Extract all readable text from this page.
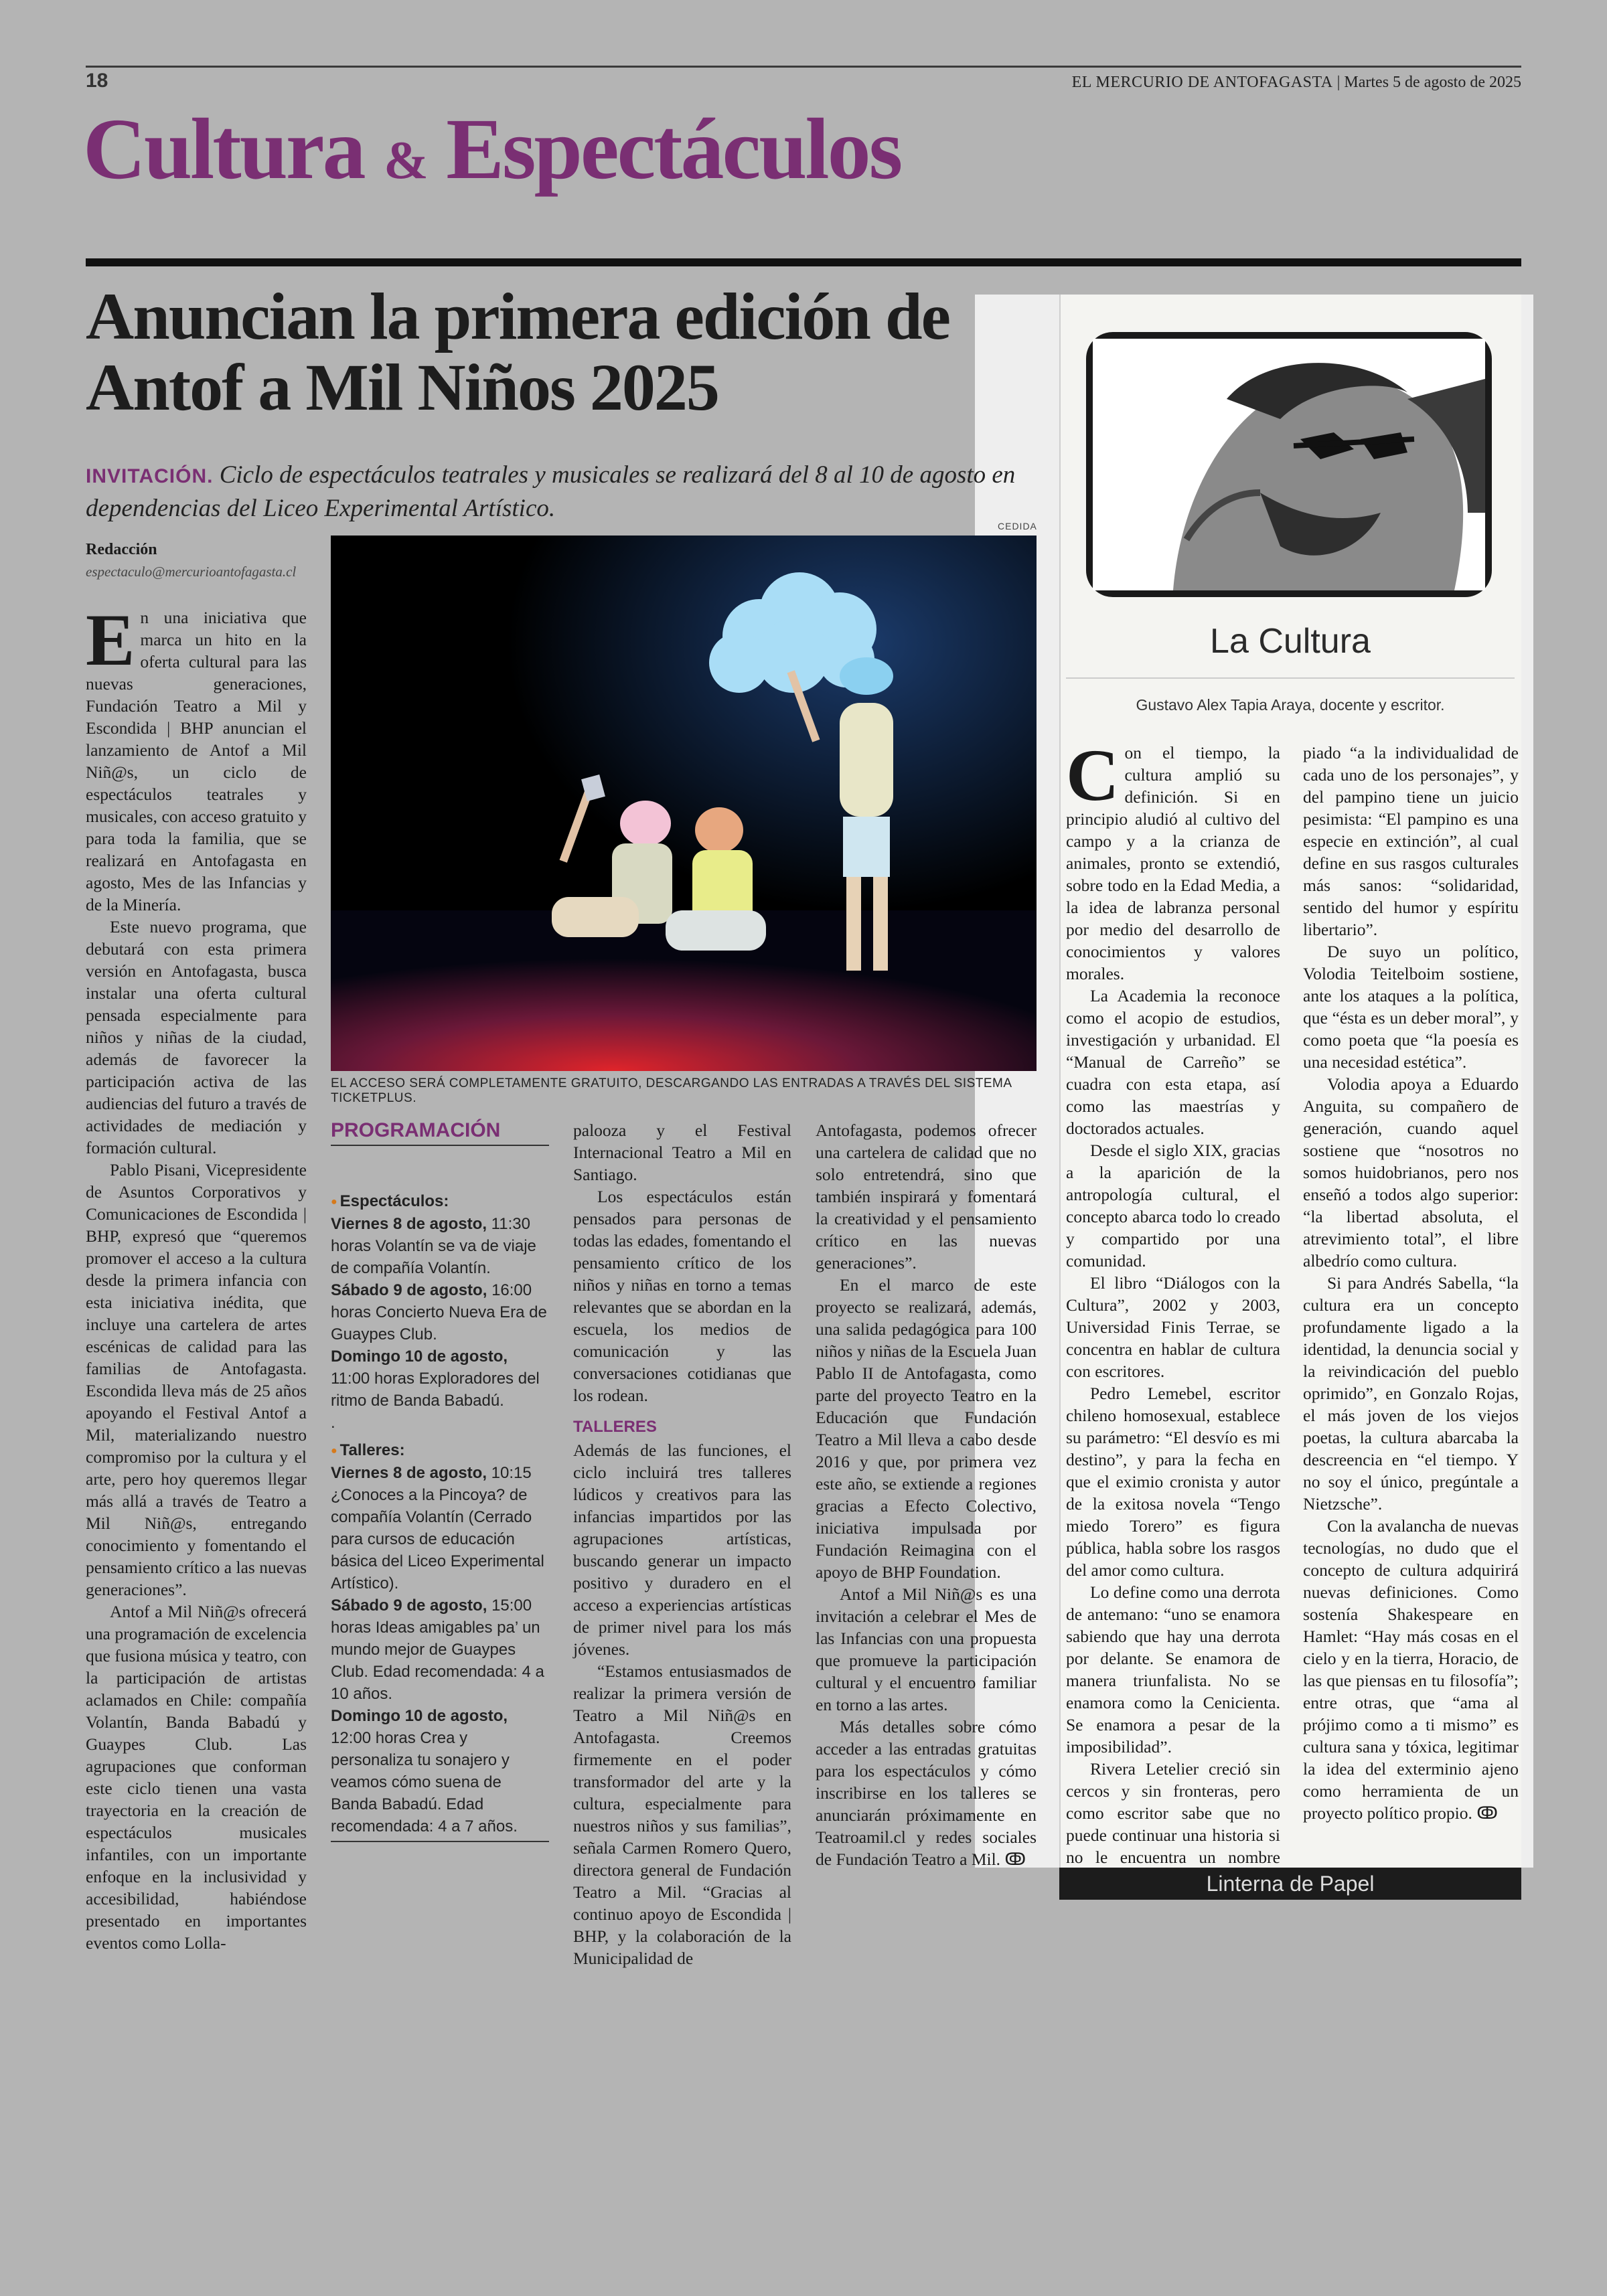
18	EL MERCURIO DE ANTOFAGASTA | Martes 5 de agosto de 2025
Cultura & Espectáculos
Anuncian la primera edición de Antof a Mil Niños 2025
INVITACIÓN. Ciclo de espectáculos teatrales y musicales se realizará del 8 al 10 de agosto en dependencias del Liceo Experimental Artístico.
Redacción
espectaculo@mercurioantofagasta.cl
CEDIDA
EL ACCESO SERÁ COMPLETAMENTE GRATUITO, DESCARGANDO LAS ENTRADAS A TRAVÉS DEL SISTEMA TICKETPLUS.

En una iniciativa que marca un hito en la oferta cultural para las nuevas generaciones, Fundación Teatro a Mil y Escondida | BHP anuncian el lanzamiento de Antof a Mil Niñ@s, un ciclo de espectáculos teatrales y musicales, con acceso gratuito y para toda la familia, que se realizará en Antofagasta en agosto, Mes de las Infancias y de la Minería.

Este nuevo programa, que debutará con esta primera versión en Antofagasta, busca instalar una oferta cultural pensada especialmente para niños y niñas de la ciudad, además de favorecer la participación activa de las audiencias del futuro a través de actividades de mediación y formación cultural.

Pablo Pisani, Vicepresidente de Asuntos Corporativos y Comunicaciones de Escondida | BHP, expresó que “queremos promover el acceso a la cultura desde la primera infancia con esta iniciativa inédita, que incluye una cartelera de artes escénicas de calidad para las familias de Antofagasta. Escondida lleva más de 25 años apoyando el Festival Antof a Mil, materializando nuestro compromiso por la cultura y el arte, pero hoy queremos llegar más allá a través de Teatro a Mil Niñ@s, entregando conocimiento y fomentando el pensamiento crítico a las nuevas generaciones”.

Antof a Mil Niñ@s ofrecerá una programación de excelencia que fusiona música y teatro, con la participación de artistas aclamados en Chile: compañía Volantín, Banda Babadú y Guaypes Club. Las agrupaciones que conforman este ciclo tienen una vasta trayectoria en la creación de espectáculos musicales infantiles, con un importante enfoque en la inclusividad y accesibilidad, habiéndose presentado en importantes eventos como Lolla-

PROGRAMACIÓN
● Espectáculos:
Viernes 8 de agosto, 11:30 horas Volantín se va de viaje de compañía Volantín.
Sábado 9 de agosto, 16:00 horas Concierto Nueva Era de Guaypes Club.
Domingo 10 de agosto, 11:00 horas Exploradores del ritmo de Banda Babadú.
.
● Talleres:
Viernes 8 de agosto, 10:15 ¿Conoces a la Pincoya? de compañía Volantín (Cerrado para cursos de educación básica del Liceo Experimental Artístico).
Sábado 9 de agosto, 15:00 horas Ideas amigables pa’ un mundo mejor de Guaypes Club. Edad recomendada: 4 a 10 años.
Domingo 10 de agosto, 12:00 horas Crea y personaliza tu sonajero y veamos cómo suena de Banda Babadú. Edad recomendada: 4 a 7 años.

palooza y el Festival Internacional Teatro a Mil en Santiago.

Los espectáculos están pensados para personas de todas las edades, fomentando el pensamiento crítico de los niños y niñas en torno a temas relevantes que se abordan en la escuela, los medios de comunicación y las conversaciones cotidianas que los rodean.

TALLERES

Además de las funciones, el ciclo incluirá tres talleres lúdicos y creativos para las infancias impartidos por las agrupaciones artísticas, buscando generar un impacto positivo y duradero en el acceso a experiencias artísticas de primer nivel para los más jóvenes.

“Estamos entusiasmados de realizar la primera versión de Teatro a Mil Niñ@s en Antofagasta. Creemos firmemente en el poder transformador del arte y la cultura, especialmente para nuestros niños y sus familias”, señala Carmen Romero Quero, directora general de Fundación Teatro a Mil. “Gracias al continuo apoyo de Escondida | BHP, y la colaboración de la Municipalidad de

Antofagasta, podemos ofrecer una cartelera de calidad que no solo entretendrá, sino que también inspirará y fomentará la creatividad y el pensamiento crítico en las nuevas generaciones”.

En el marco de este proyecto se realizará, además, una salida pedagógica para 100 niños y niñas de la Escuela Juan Pablo II de Antofagasta, como parte del proyecto Teatro en la Educación que Fundación Teatro a Mil lleva a cabo desde 2016 y que, por primera vez este año, se extiende a regiones gracias a Efecto Colectivo, iniciativa impulsada por Fundación Reimagina con el apoyo de BHP Foundation.

Antof a Mil Niñ@s es una invitación a celebrar el Mes de las Infancias con una propuesta que promueve la participación cultural y el encuentro familiar en torno a las artes.

Más detalles sobre cómo acceder a las entradas gratuitas para los espectáculos y cómo inscribirse en los talleres se anunciarán próximamente en Teatroamil.cl y redes sociales de Fundación Teatro a Mil. ↂ

La Cultura
Gustavo Alex Tapia Araya, docente y escritor.

Con el tiempo, la cultura amplió su definición. Si en principio aludió al cultivo del campo y a la crianza de animales, pronto se extendió, sobre todo en la Edad Media, a la idea de labranza personal por medio del desarrollo de conocimientos y valores morales.

La Academia la reconoce como el acopio de estudios, investigación y urbanidad. El “Manual de Carreño” se cuadra con esta etapa, así como las maestrías y doctorados actuales.

Desde el siglo XIX, gracias a la aparición de la antropología cultural, el concepto abarca todo lo creado y compartido por una comunidad.

El libro “Diálogos con la Cultura”, 2002 y 2003, Universidad Finis Terrae, se concentra en hablar de cultura con escritores.

Pedro Lemebel, escritor chileno homosexual, establece su parámetro: “El desvío es mi destino”, y para la fecha en que el eximio cronista y autor de la exitosa novela “Tengo miedo Torero” es figura pública, habla sobre los rasgos del amor como cultura.

Lo define como una derrota de antemano: “uno se enamora sabiendo que hay una derrota por delante. Se enamora de manera triunfalista. No se enamora como la Cenicienta. Se enamora a pesar de la imposibilidad”.

Rivera Letelier creció sin cercos y sin fronteras, pero como escritor sabe que no puede continuar una historia si no le encuentra un nombre

piado “a la individualidad de cada uno de los personajes”, y del pampino tiene un juicio pesimista: “El pampino es una especie en extinción”, al cual define en sus rasgos culturales más sanos: “solidaridad, sentido del humor y espíritu libertario”.

De suyo un político, Volodia Teitelboim sostiene, ante los ataques a la política, que “ésta es un deber moral”, y como poeta que “la poesía es una necesidad estética”.

Volodia apoya a Eduardo Anguita, su compañero de generación, cuando aquel sostiene que “nosotros no somos huidobrianos, pero nos enseñó a todos algo superior: “la libertad absoluta, el atrevimiento total”, el libre albedrío como cultura.

Si para Andrés Sabella, “la cultura era un concepto profundamente ligado a la identidad, la denuncia social y la reivindicación del pueblo oprimido”, en Gonzalo Rojas, el más joven de los viejos poetas, la cultura abarcaba la descreencia en “el tiempo. Y no soy el único, pregúntale a Nietzsche”.

Con la avalancha de nuevas tecnologías, no dudo que el concepto de cultura adquirirá nuevas definiciones. Como sostenía Shakespeare en Hamlet: “Hay más cosas en el cielo y en la tierra, Horacio, de las que piensas en tu filosofía”; entre otras, que “ama al prójimo como a ti mismo” es cultura sana y tóxica, legitimar la idea del exterminio ajeno como herramienta de un proyecto político propio. ↂ

Linterna de Papel
